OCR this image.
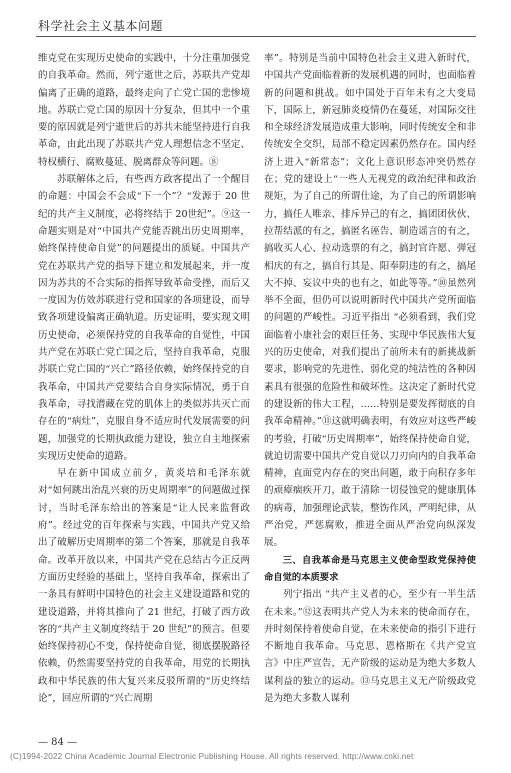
科学社会主义基本问题

维克党在实现历史使命的实践中，十分注重加强党的自我革命。然而，列宁逝世之后，苏联共产党却偏离了正确的道路，最终走向了亡党亡国的悲惨境地。苏联亡党亡国的原因十分复杂，但其中一个重要的原因就是列宁逝世后的苏共未能坚持进行自我革命，由此出现了苏联共产党人理想信念不坚定、特权横行、腐败蔓延、脱离群众等问题。⑧

苏联解体之后，有些西方政客提出了一个醒目的命题：中国会不会成“下一个”？“发源于 20 世纪的共产主义制度，必将终结于 20世纪”。⑨这一命题实则是对“中国共产党能否跳出历史周期率，始终保持使命自觉”的问题提出的质疑。中国共产党在苏联共产党的指导下建立和发展起来，并一度因为苏共的不合实际的指挥导致革命受挫，而后又一度因为仿效苏联进行党和国家的各项建设，而导致各项建设偏离正确轨道。历史证明，要实现文明历史使命，必须保持党的自我革命的自觉性，中国共产党在苏联亡党亡国之后，坚持自我革命，克服苏联亡党亡国的“兴亡”路径依赖，始终保持党的自我革命，中国共产党要结合自身实际情况，勇于自我革命，寻找潜藏在党的肌体上的类似苏共灭亡而存在的“病灶”，克服自身不适应时代发展需要的问题，加强党的长期执政能力建设，独立自主地探索实现历史使命的道路。

早在新中国成立前夕，黄炎培和毛泽东就对“如何跳出治乱兴衰的历史周期率”的问题做过探讨，当时毛泽东给出的答案是“让人民来监督政府”。经过党的百年探索与实践，中国共产党又给出了破解历史周期率的第二个答案，那就是自我革命。改革开放以来，中国共产党在总结古今正反两方面历史经验的基础上，坚持自我革命，探索出了一条具有鲜明中国特色的社会主义建设道路和党的建设道路，并将其推向了 21 世纪，打破了西方政客的“共产主义制度终结于 20 世纪”的预言。但要始终保持初心不变，保持使命自觉，彻底摆脱路径依赖，仍然需要坚持党的自我革命，用党的长期执政和中华民族的伟大复兴来反驳所谓的“历史终结论”，回应所谓的“兴亡周期

率”。特别是当前中国特色社会主义进入新时代，中国共产党面临着新的发展机遇的同时，也面临着新的问题和挑战。如中国处于百年未有之大变局下，国际上，新冠肺炎疫情仍在蔓延，对国际交往和全球经济发展造成重大影响，同时传统安全和非传统安全交织，局部不稳定因素仍然存在。国内经济上进入“新常态”；文化上意识形态冲突仍然存在；党的建设上“一些人无视党的政治纪律和政治规矩，为了自己的所谓仕途，为了自己的所谓影响力，搞任人唯亲、排斥异己的有之，搞团团伙伙、拉帮结派的有之，搞匿名诬告、制造谣言的有之，搞收买人心、拉动选票的有之，搞封官许愿、弹冠相庆的有之，搞自行其是、阳奉阴违的有之，搞尾大不掉、妄议中央的也有之，如此等等。”⑩虽然列举不全面，但仍可以说明新时代中国共产党所面临的问题的严峻性。习近平指出 “必须看到，我们党面临着小康社会的艰巨任务、实现中华民族伟大复兴的历史使命，对我们提出了前所未有的新挑战新要求，影响党的先进性、弱化党的纯洁性的各种因素具有很强的危险性和破坏性。这决定了新时代党的建设新的伟大工程，……特别是要发挥彻底的自我革命精神。”⑪这就明确表明，有效应对这些严峻的考验，打破“历史周期率”，始终保持使命自觉，就迫切需要中国共产党自觉以刀刃向内的自我革命精神，直面党内存在的突出问题，敢于向积存多年的顽瘴痼疾开刀，敢于清除一切侵蚀党的健康肌体的病毒，加强理论武装，整饬作风，严明纪律，从严治党，严惩腐败，推进全面从严治党向纵深发展。

三、自我革命是马克思主义使命型政党保持使命自觉的本质要求

列宁指出 “共产主义者的心，至少有一半生活在未来。”⑫这表明共产党人为未来的使命而存在，并时刻保持着使命自觉，在未来使命的指引下进行不断地自我革命。马克思、恩格斯在《共产党宣言》中庄严宣告，无产阶级的运动是为绝大多数人谋利益的独立的运动。⑬马克思主义无产阶级政党是为绝大多数人谋利

— 84 —
(C)1994-2022 China Academic Journal Electronic Publishing House. All rights reserved. http://www.cnki.net
